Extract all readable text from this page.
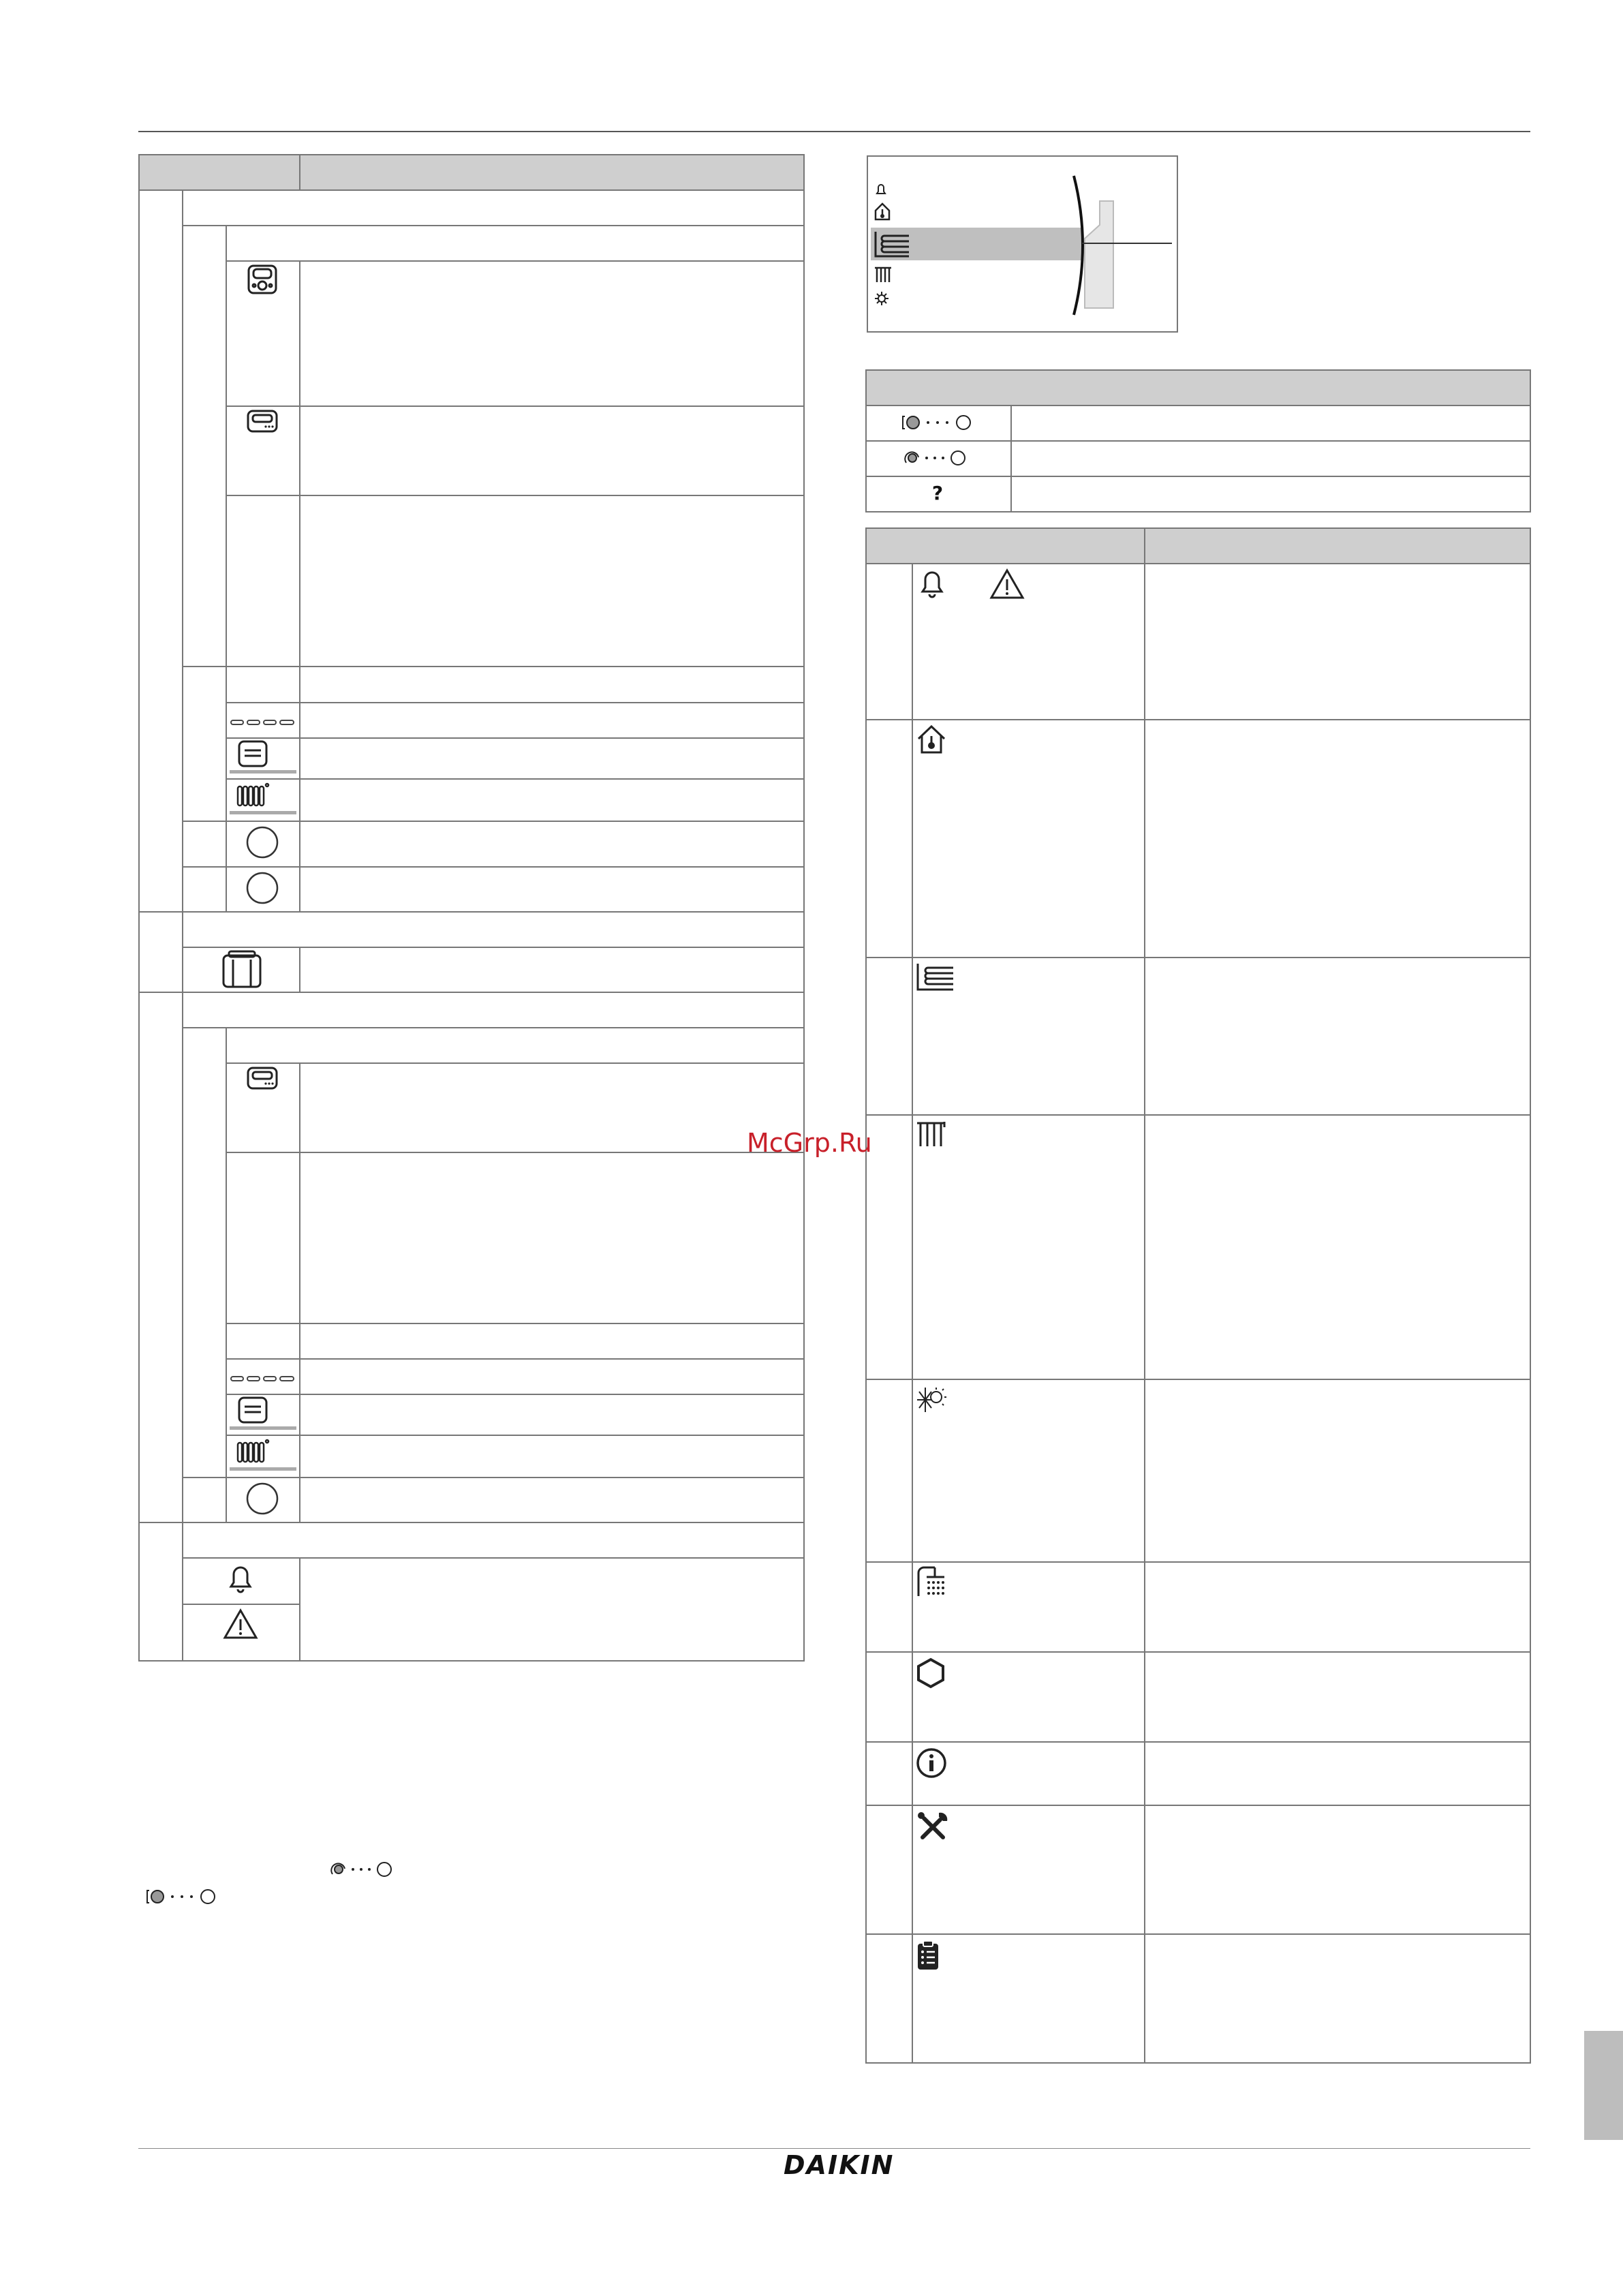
?
McGrp.Ru
DAIKIN
